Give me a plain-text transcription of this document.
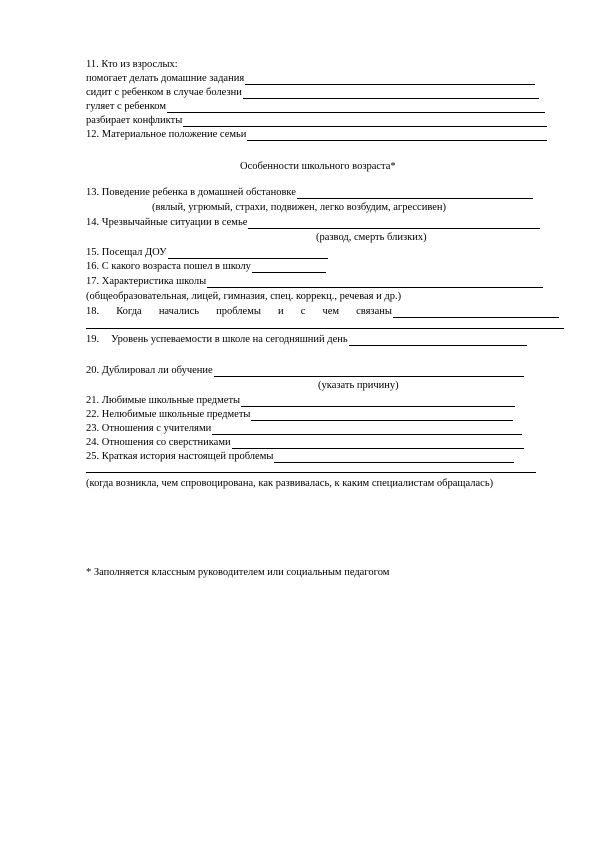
11. Кто из взрослых:
помогает делать домашние задания
сидит с ребенком в случае болезни
гуляет с ребенком
разбирает конфликты
12. Материальное положение семьи
Особенности школьного возраста*
13. Поведение ребенка в домашней обстановке
(вялый, угрюмый, страхи, подвижен, легко возбудим, агрессивен)
14. Чрезвычайные ситуации в семье
(развод, смерть близких)
15. Посещал ДОУ
16. С какого возраста пошел в школу
17. Характеристика школы
(общеобразовательная, лицей, гимназия, спец. коррекц., речевая и др.)
18. Когда начались проблемы и с чем связаны
19. Уровень успеваемости в школе на сегодняшний день
20. Дублировал ли обучение
(указать причину)
21. Любимые школьные предметы
22. Нелюбимые школьные предметы
23. Отношения с учителями
24. Отношения со сверстниками
25. Краткая история настоящей проблемы
(когда возникла, чем спровоцирована, как развивалась, к каким специалистам обращалась)
* Заполняется классным руководителем или социальным педагогом
